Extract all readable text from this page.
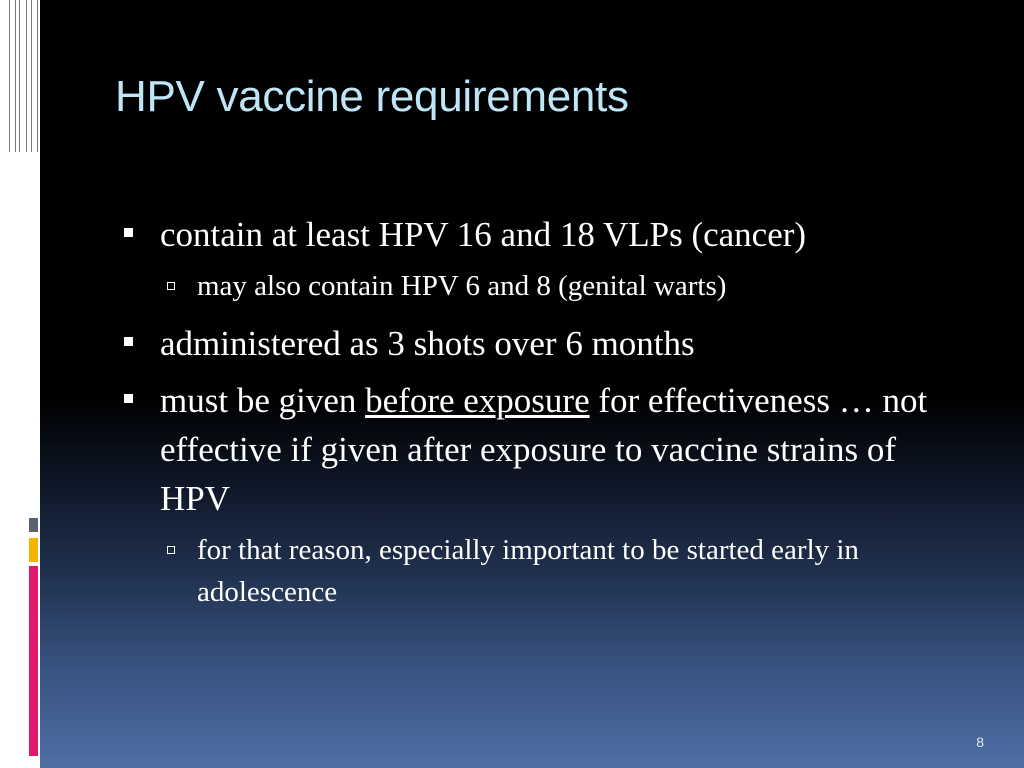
HPV vaccine requirements
contain at least HPV 16 and 18 VLPs (cancer)
may also contain HPV 6 and 8 (genital warts)
administered as 3 shots over 6 months
must be given before exposure for effectiveness … not effective if given after exposure to vaccine strains of HPV
for that reason, especially important to be started early in adolescence
8
